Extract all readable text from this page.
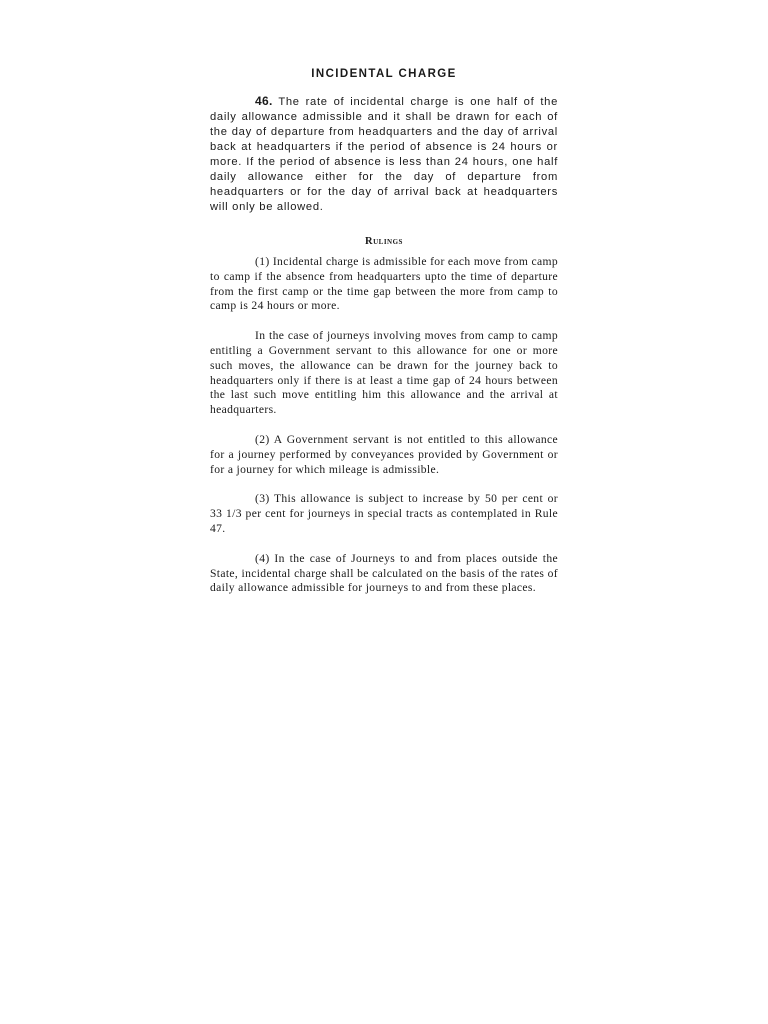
INCIDENTAL CHARGE

46. The rate of incidental charge is one half of the daily allowance admissible and it shall be drawn for each of the day of departure from headquarters and the day of arrival back at headquarters if the period of absence is 24 hours or more. If the period of absence is less than 24 hours, one half daily allowance either for the day of departure from headquarters or for the day of arrival back at headquarters will only be allowed.

Rulings

(1) Incidental charge is admissible for each move from camp to camp if the absence from headquarters upto the time of departure from the first camp or the time gap between the more from camp to camp is 24 hours or more.

In the case of journeys involving moves from camp to camp entitling a Government servant to this allowance for one or more such moves, the allowance can be drawn for the journey back to headquarters only if there is at least a time gap of 24 hours between the last such move entitling him this allowance and the arrival at headquarters.

(2) A Government servant is not entitled to this allowance for a journey performed by conveyances provided by Government or for a journey for which mileage is admissible.

(3) This allowance is subject to increase by 50 per cent or 33 1/3 per cent for journeys in special tracts as contemplated in Rule 47.

(4) In the case of Journeys to and from places outside the State, incidental charge shall be calculated on the basis of the rates of daily allowance admissible for journeys to and from these places.
